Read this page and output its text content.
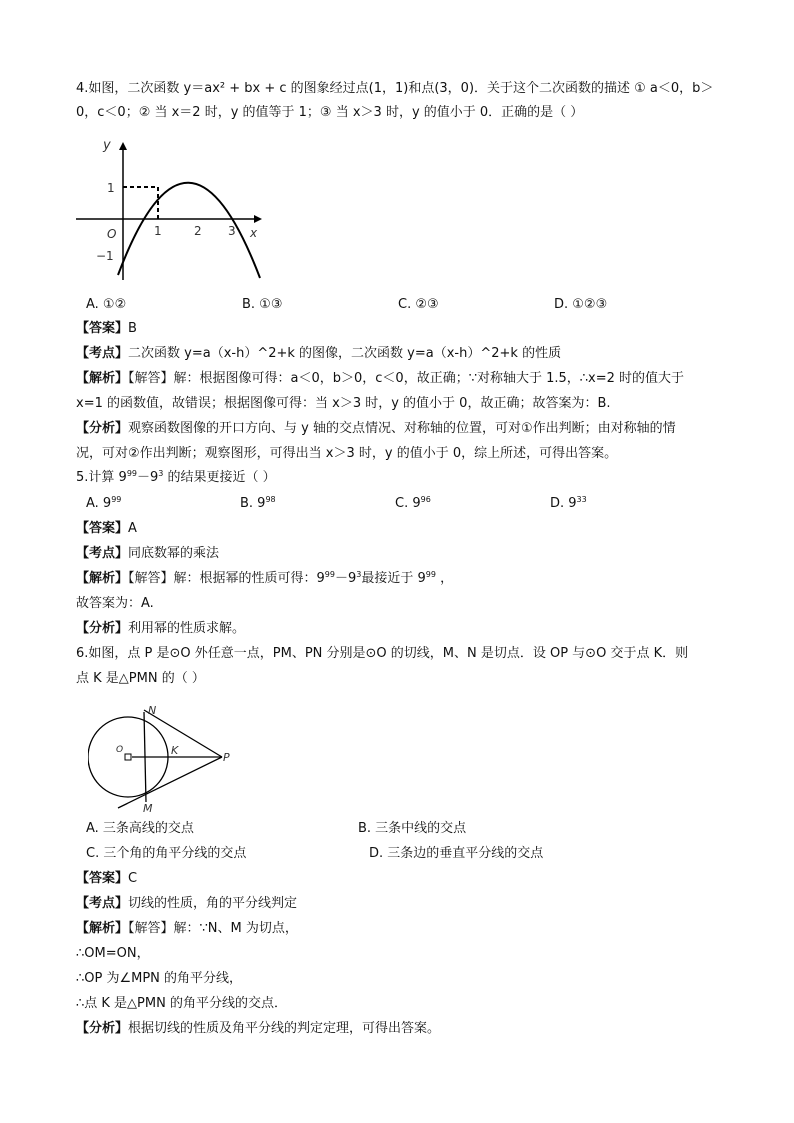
4.如图，二次函数 y＝ax² + bx + c 的图象经过点(1，1)和点(3，0)．关于这个二次函数的描述 ① a＜0，b＞
0，c＜0；② 当 x＝2 时，y 的值等于 1；③ 当 x＞3 时，y 的值小于 0．正确的是（ ）
y
x
O	1	2 3
1
−1
A. ①②	B. ①③	C. ②③	D. ①②③
【答案】B
【考点】二次函数 y=a（x-h）^2+k 的图像，二次函数 y=a（x-h）^2+k 的性质
【解析】【解答】解：根据图像可得：a＜0，b＞0，c＜0，故正确；∵对称轴大于 1.5，∴x=2 时的值大于
x=1 的函数值，故错误；根据图像可得：当 x＞3 时，y 的值小于 0，故正确；故答案为：B.
【分析】观察函数图像的开口方向、与 y 轴的交点情况、对称轴的位置，可对①作出判断；由对称轴的情
况，可对②作出判断；观察图形，可得出当 x＞3 时，y 的值小于 0，综上所述，可得出答案。
5.计算 $9^{99}-9^3$ 的结果更接近（ ）
A. $9^{99}$	B. $9^{98}$	C. $9^{96}$	D. $9^{33}$
【答案】A
【考点】同底数幂的乘法
【解析】【解答】解：根据幂的性质可得：$9^{99}-9^3$最接近于 $9^{99}$ ，
故答案为：A.
【分析】利用幂的性质求解。
6.如图，点 P 是⊙O 外任意一点，PM、PN 分别是⊙O 的切线，M、N 是切点．设 OP 与⊙O 交于点 K．则
点 K 是△PMN 的（ ）
N
M
K
P
O
A. 三条高线的交点	B. 三条中线的交点
C. 三个角的角平分线的交点	D. 三条边的垂直平分线的交点
【答案】C
【考点】切线的性质，角的平分线判定
【解析】【解答】解：∵N、M 为切点，
∴OM=ON，
∴OP 为∠MPN 的角平分线，
∴点 K 是△PMN 的角平分线的交点．
【分析】根据切线的性质及角平分线的判定定理，可得出答案。
